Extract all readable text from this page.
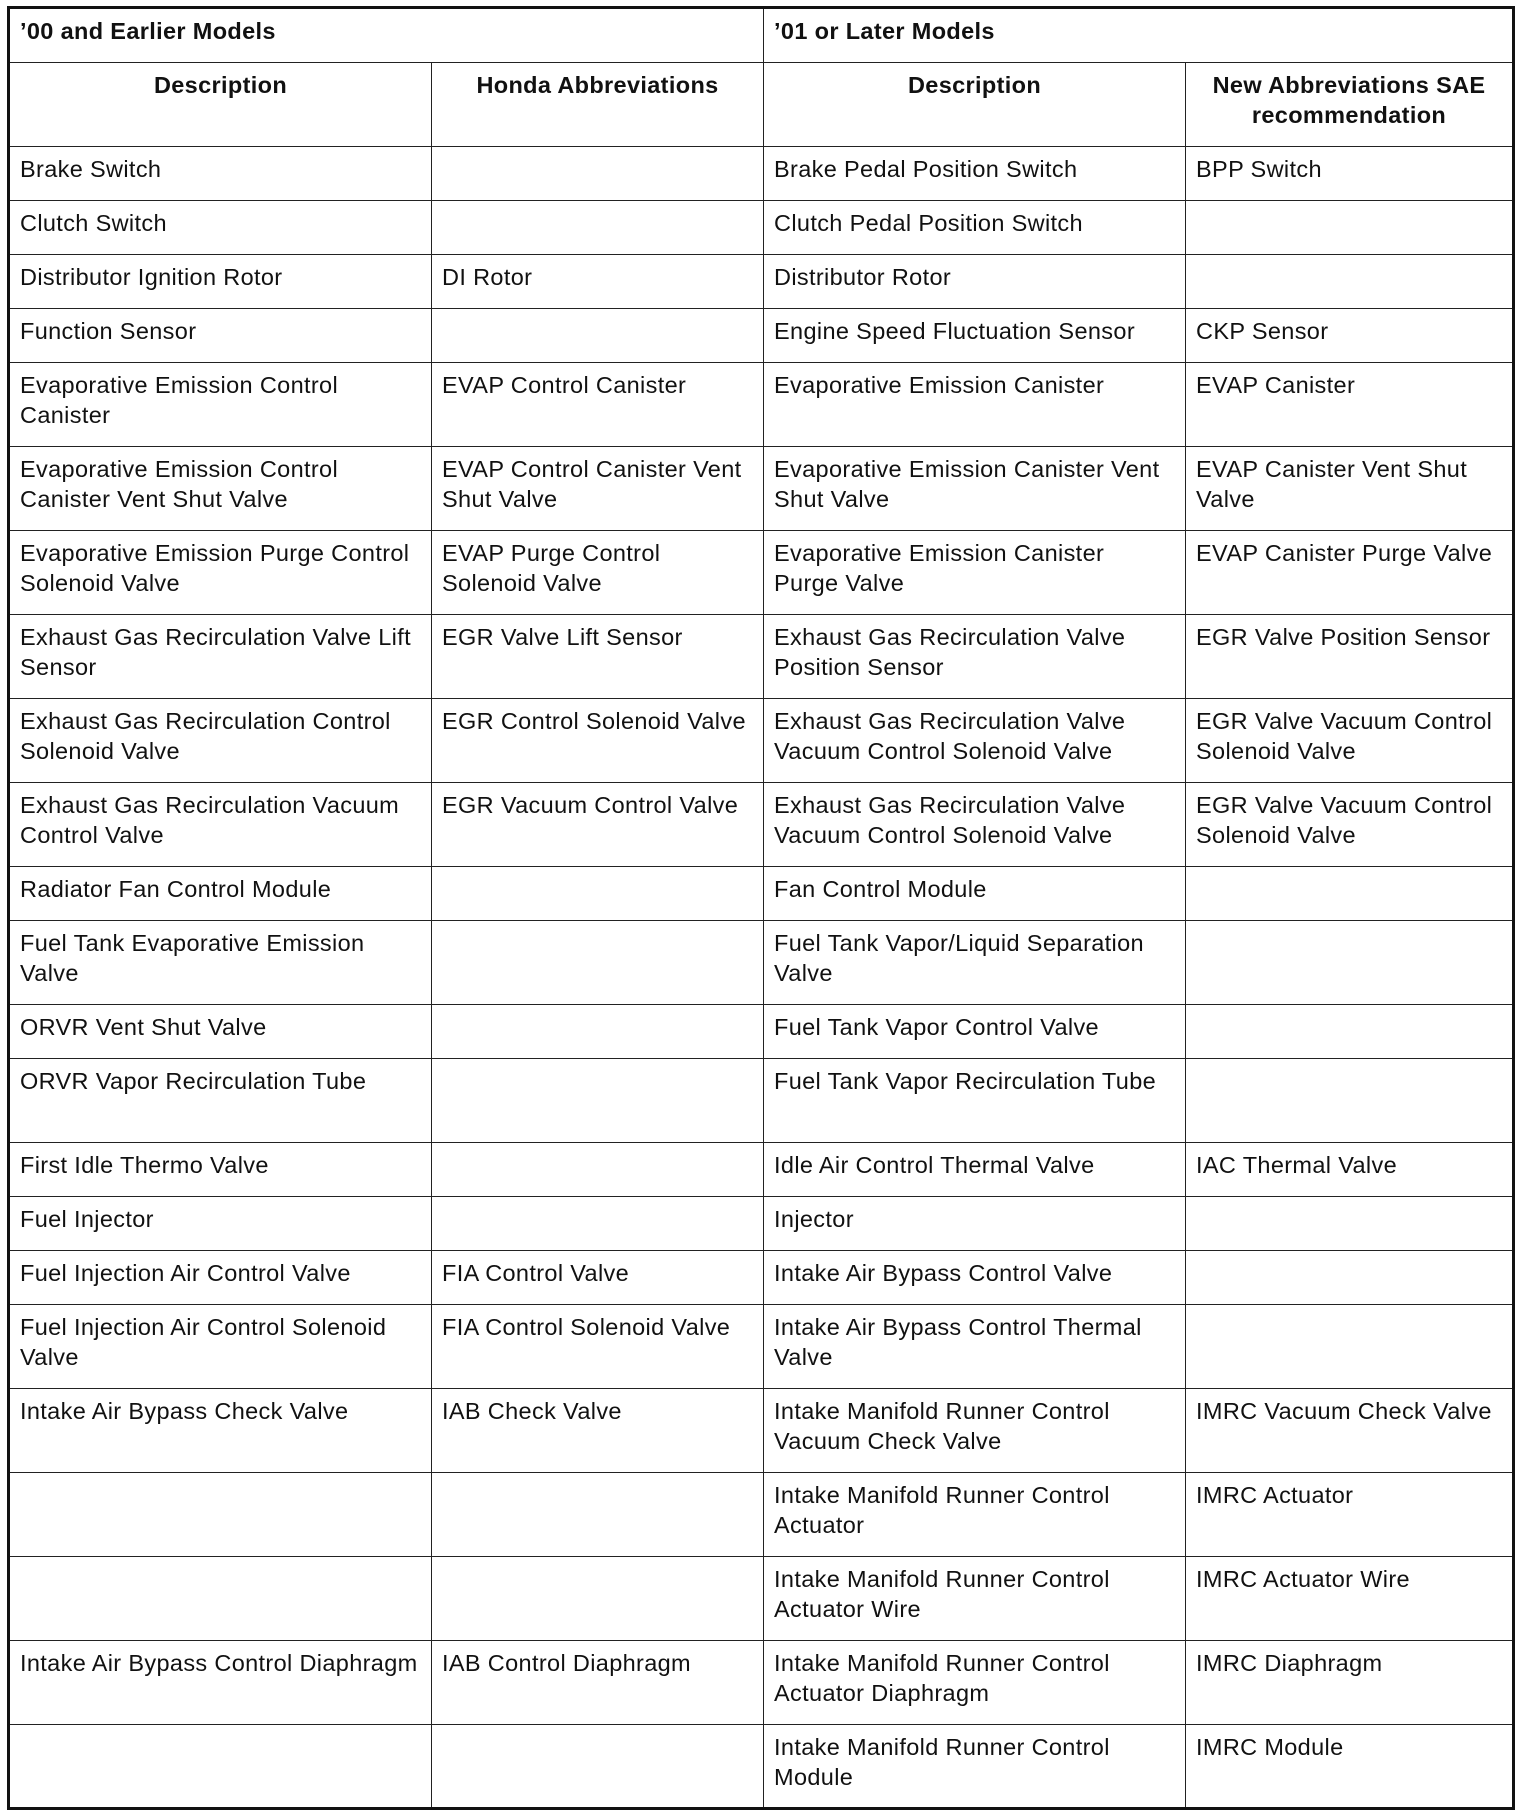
’00 and Earlier Models		’01 or Later Models	
Description	Honda Abbreviations	Description	New Abbreviations SAE recommendation
Brake Switch		Brake Pedal Position Switch	BPP Switch
Clutch Switch		Clutch Pedal Position Switch	
Distributor Ignition Rotor	DI Rotor	Distributor Rotor	
Function Sensor		Engine Speed Fluctuation Sensor	CKP Sensor
Evaporative Emission Control Canister	EVAP Control Canister	Evaporative Emission Canister	EVAP Canister
Evaporative Emission Control Canister Vent Shut Valve	EVAP Control Canister Vent Shut Valve	Evaporative Emission Canister Vent Shut Valve	EVAP Canister Vent Shut Valve
Evaporative Emission Purge Control Solenoid Valve	EVAP Purge Control Solenoid Valve	Evaporative Emission Canister Purge Valve	EVAP Canister Purge Valve
Exhaust Gas Recirculation Valve Lift Sensor	EGR Valve Lift Sensor	Exhaust Gas Recirculation Valve Position Sensor	EGR Valve Position Sensor
Exhaust Gas Recirculation Control Solenoid Valve	EGR Control Solenoid Valve	Exhaust Gas Recirculation Valve Vacuum Control Solenoid Valve	EGR Valve Vacuum Control Solenoid Valve
Exhaust Gas Recirculation Vacuum Control Valve	EGR Vacuum Control Valve	Exhaust Gas Recirculation Valve Vacuum Control Solenoid Valve	EGR Valve Vacuum Control Solenoid Valve
Radiator Fan Control Module		Fan Control Module	
Fuel Tank Evaporative Emission Valve		Fuel Tank Vapor/Liquid Separation Valve	
ORVR Vent Shut Valve		Fuel Tank Vapor Control Valve	
ORVR Vapor Recirculation Tube		Fuel Tank Vapor Recirculation Tube	
First Idle Thermo Valve		Idle Air Control Thermal Valve	IAC Thermal Valve
Fuel Injector		Injector	
Fuel Injection Air Control Valve	FIA Control Valve	Intake Air Bypass Control Valve	
Fuel Injection Air Control Solenoid Valve	FIA Control Solenoid Valve	Intake Air Bypass Control Thermal Valve	
Intake Air Bypass Check Valve	IAB Check Valve	Intake Manifold Runner Control Vacuum Check Valve	IMRC Vacuum Check Valve
		Intake Manifold Runner Control Actuator	IMRC Actuator
		Intake Manifold Runner Control Actuator Wire	IMRC Actuator Wire
Intake Air Bypass Control Diaphragm	IAB Control Diaphragm	Intake Manifold Runner Control Actuator Diaphragm	IMRC Diaphragm
		Intake Manifold Runner Control Module	IMRC Module
